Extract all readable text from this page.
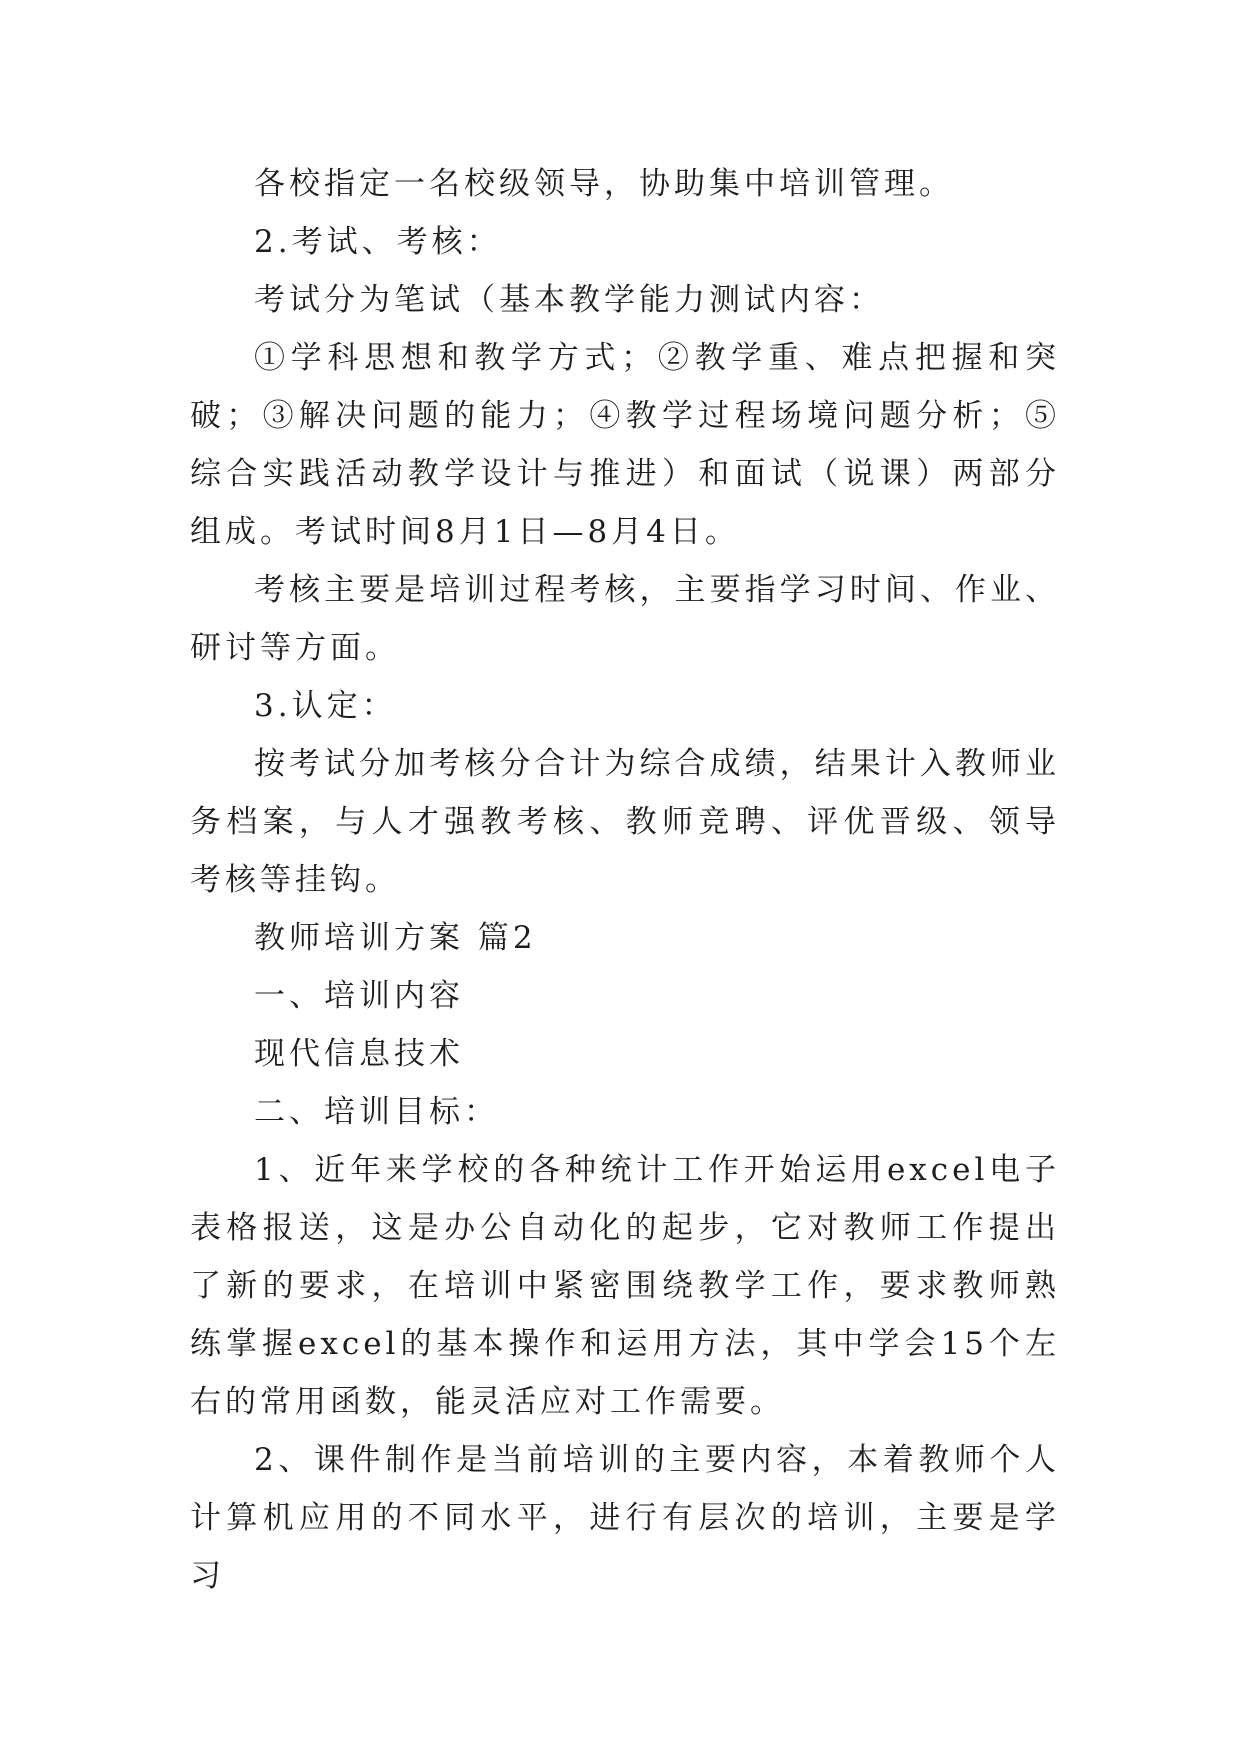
各校指定一名校级领导，协助集中培训管理。

2.考试、考核：

考试分为笔试（基本教学能力测试内容：

①学科思想和教学方式；②教学重、难点把握和突破；③解决问题的能力；④教学过程场境问题分析；⑤综合实践活动教学设计与推进）和面试（说课）两部分组成。考试时间8月1日—8月4日。

考核主要是培训过程考核，主要指学习时间、作业、研讨等方面。

3.认定：

按考试分加考核分合计为综合成绩，结果计入教师业务档案，与人才强教考核、教师竞聘、评优晋级、领导考核等挂钩。

教师培训方案 篇2

一、培训内容

现代信息技术

二、培训目标：

1、近年来学校的各种统计工作开始运用excel电子表格报送，这是办公自动化的起步，它对教师工作提出了新的要求，在培训中紧密围绕教学工作，要求教师熟练掌握excel的基本操作和运用方法，其中学会15个左右的常用函数，能灵活应对工作需要。

2、课件制作是当前培训的主要内容，本着教师个人计算机应用的不同水平，进行有层次的培训，主要是学习
